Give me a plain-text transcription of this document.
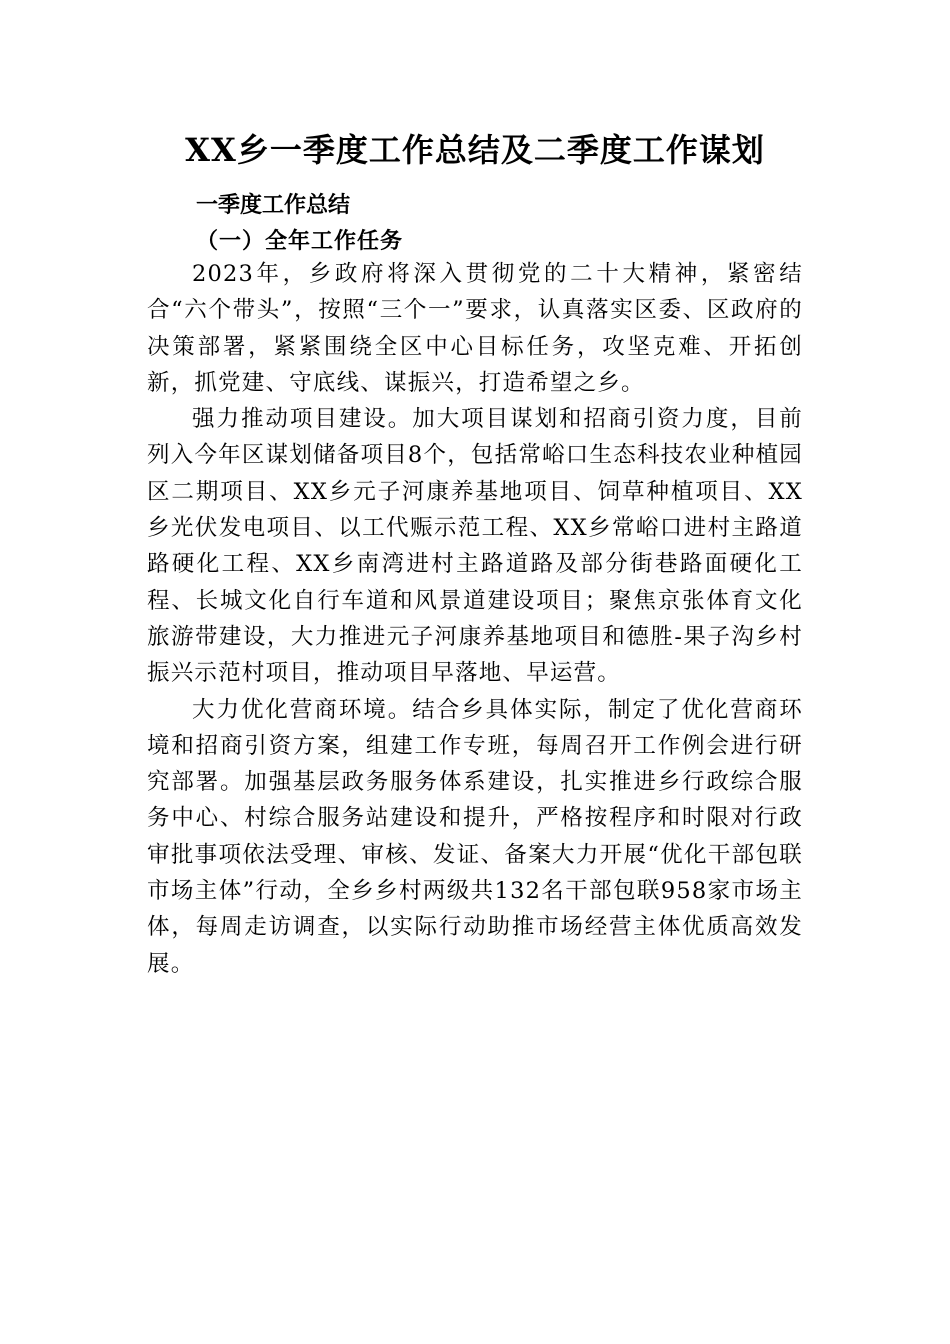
XX乡一季度工作总结及二季度工作谋划
一季度工作总结
（一）全年工作任务

2023年，乡政府将深入贯彻党的二十大精神，紧密结合“六个带头”，按照“三个一”要求，认真落实区委、区政府的决策部署，紧紧围绕全区中心目标任务，攻坚克难、开拓创新，抓党建、守底线、谋振兴，打造希望之乡。

强力推动项目建设。加大项目谋划和招商引资力度，目前列入今年区谋划储备项目8个，包括常峪口生态科技农业种植园区二期项目、XX乡元子河康养基地项目、饲草种植项目、XX乡光伏发电项目、以工代赈示范工程、XX乡常峪口进村主路道路硬化工程、XX乡南湾进村主路道路及部分街巷路面硬化工程、长城文化自行车道和风景道建设项目；聚焦京张体育文化旅游带建设，大力推进元子河康养基地项目和德胜-果子沟乡村振兴示范村项目，推动项目早落地、早运营。

大力优化营商环境。结合乡具体实际，制定了优化营商环境和招商引资方案，组建工作专班，每周召开工作例会进行研究部署。加强基层政务服务体系建设，扎实推进乡行政综合服务中心、村综合服务站建设和提升，严格按程序和时限对行政审批事项依法受理、审核、发证、备案大力开展“优化干部包联市场主体”行动，全乡乡村两级共132名干部包联958家市场主体，每周走访调查，以实际行动助推市场经营主体优质高效发展。
